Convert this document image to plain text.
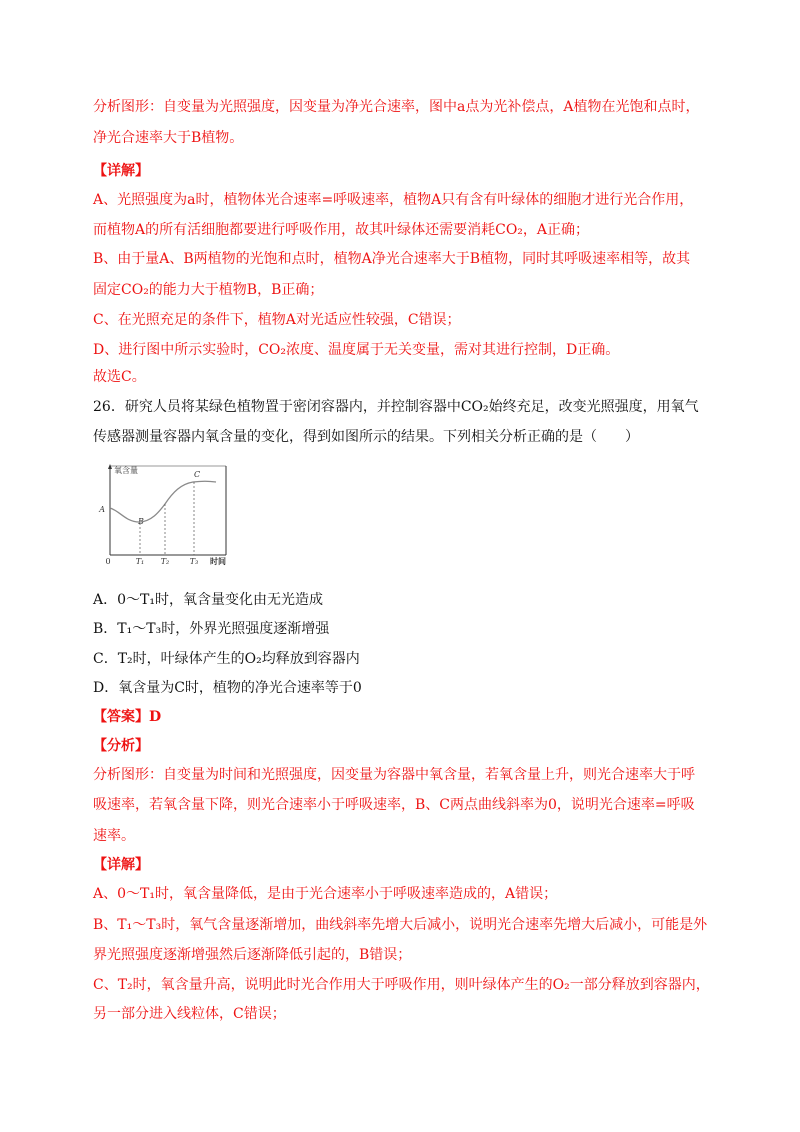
分析图形：自变量为光照强度，因变量为净光合速率，图中a点为光补偿点，A植物在光饱和点时，

净光合速率大于B植物。

【详解】

A、光照强度为a时，植物体光合速率=呼吸速率，植物A只有含有叶绿体的细胞才进行光合作用，

而植物A的所有活细胞都要进行呼吸作用，故其叶绿体还需要消耗CO₂，A正确；

B、由于量A、B两植物的光饱和点时，植物A净光合速率大于B植物，同时其呼吸速率相等，故其

固定CO₂的能力大于植物B，B正确；

C、在光照充足的条件下，植物A对光适应性较强，C错误；

D、进行图中所示实验时，CO₂浓度、温度属于无关变量，需对其进行控制，D正确。

故选C。

26．研究人员将某绿色植物置于密闭容器内，并控制容器中CO₂始终充足，改变光照强度，用氧气

传感器测量容器内氧含量的变化，得到如图所示的结果。下列相关分析正确的是（　　）

氧含量
A
B
C
0	T₁ T₂	T₃ 时间

A．0～T₁时，氧含量变化由无光造成

B．T₁～T₃时，外界光照强度逐渐增强

C．T₂时，叶绿体产生的O₂均释放到容器内

D．氧含量为C时，植物的净光合速率等于0

【答案】D

【分析】

分析图形：自变量为时间和光照强度，因变量为容器中氧含量，若氧含量上升，则光合速率大于呼

吸速率，若氧含量下降，则光合速率小于呼吸速率，B、C两点曲线斜率为0，说明光合速率=呼吸

速率。

【详解】

A、0～T₁时，氧含量降低，是由于光合速率小于呼吸速率造成的，A错误；

B、T₁～T₃时，氧气含量逐渐增加，曲线斜率先增大后减小，说明光合速率先增大后减小，可能是外

界光照强度逐渐增强然后逐渐降低引起的，B错误；

C、T₂时，氧含量升高，说明此时光合作用大于呼吸作用，则叶绿体产生的O₂一部分释放到容器内，

另一部分进入线粒体，C错误；
